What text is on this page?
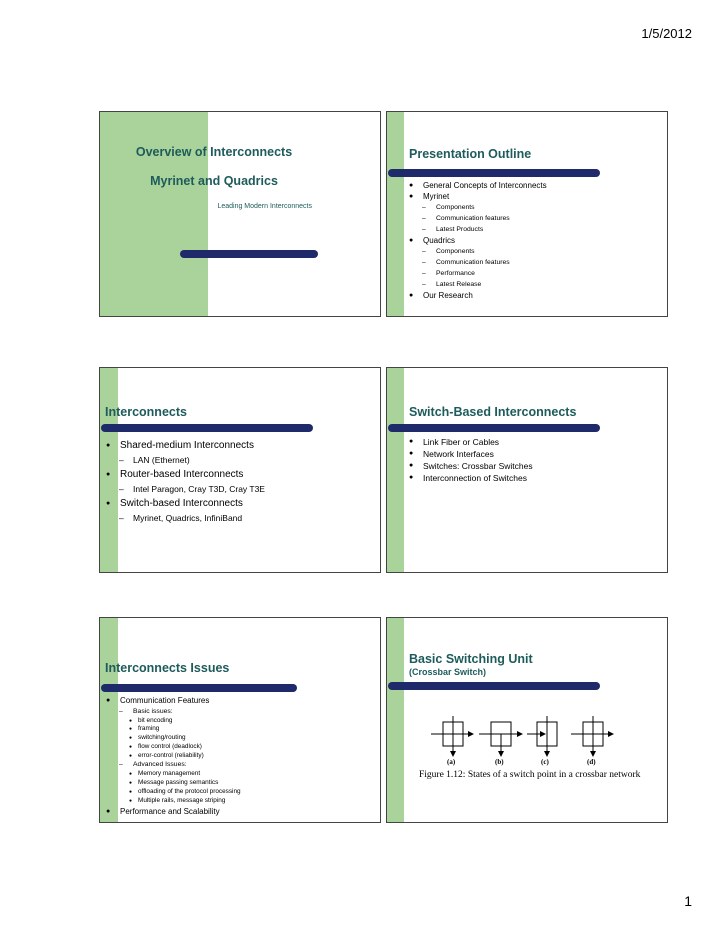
1/5/2012
Overview of Interconnects
Myrinet and Quadrics
Leading Modern Interconnects
Presentation Outline
● General Concepts of Interconnects
● Myrinet
– Components
– Communication features
– Latest Products
● Quadrics
– Components
– Communication features
– Performance
– Latest Release
● Our Research
Interconnects
● Shared-medium Interconnects
– LAN (Ethernet)
● Router-based Interconnects
– Intel Paragon, Cray T3D, Cray T3E
● Switch-based Interconnects
– Myrinet, Quadrics, InfiniBand
Switch-Based Interconnects
● Link Fiber or Cables
● Network Interfaces
● Switches: Crossbar Switches
● Interconnection of Switches
Interconnects Issues
● Communication Features
– Basic issues:
● bit encoding
● framing
● switching/routing
● flow control (deadlock)
● error-control (reliability)
– Advanced Issues:
● Memory management
● Message passing semantics
● offloading of the protocol processing
● Multiple rails, message striping
● Performance and Scalability
Basic Switching Unit
(Crossbar Switch)
(a)	(b)	(c)	(d)
Figure 1.12: States of a switch point in a crossbar network
1
